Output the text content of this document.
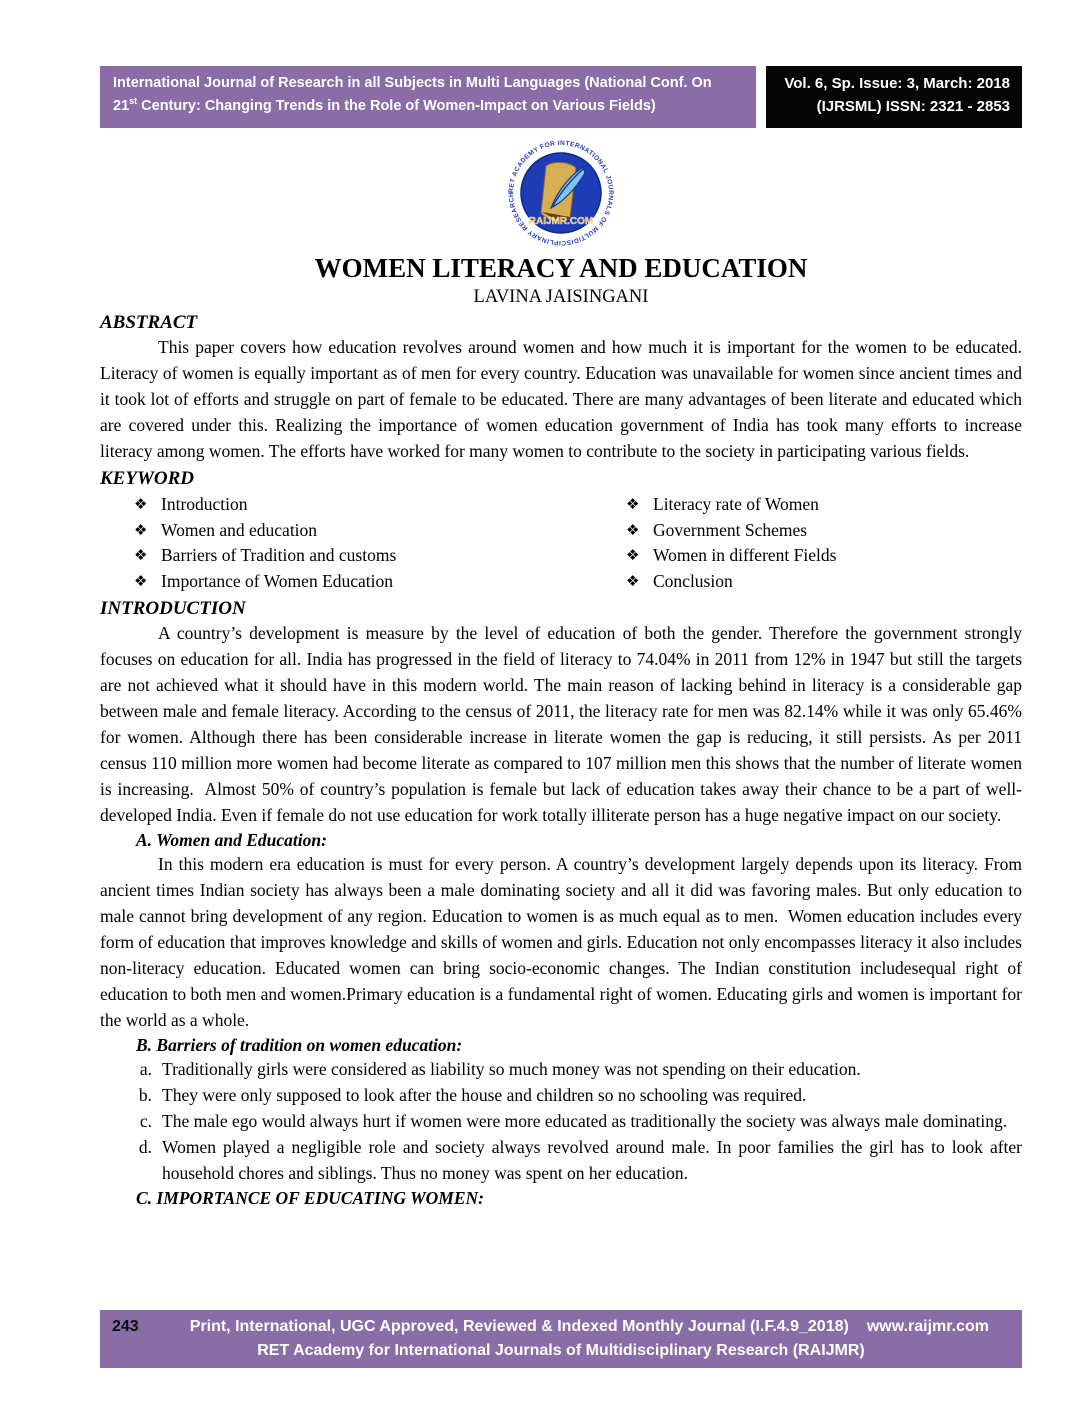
International Journal of Research in all Subjects in Multi Languages (National Conf. On
21st Century: Changing Trends in the Role of Women-Impact on Various Fields)
Vol. 6, Sp. Issue: 3, March: 2018
(IJRSML) ISSN: 2321 - 2853
RET ACADEMY FOR INTERNATIONAL JOURNALS OF MULTIDISCIPLINARY RESEARCH
RAIJMR.COM
WOMEN LITERACY AND EDUCATION
LAVINA JAISINGANI
ABSTRACT

This paper covers how education revolves around women and how much it is important for the women to be educated. Literacy of women is equally important as of men for every country. Education was unavailable for women since ancient times and it took lot of efforts and struggle on part of female to be educated. There are many advantages of been literate and educated which are covered under this. Realizing the importance of women education government of India has took many efforts to increase literacy among women. The efforts have worked for many women to contribute to the society in participating various fields.

KEYWORD
❖ Introduction
❖ Women and education
❖ Barriers of Tradition and customs
❖ Importance of Women Education
❖ Literacy rate of Women
❖ Government Schemes
❖ Women in different Fields
❖ Conclusion
INTRODUCTION

A country’s development is measure by the level of education of both the gender. Therefore the government strongly focuses on education for all. India has progressed in the field of literacy to 74.04% in 2011 from 12% in 1947 but still the targets are not achieved what it should have in this modern world. The main reason of lacking behind in literacy is a considerable gap between male and female literacy. According to the census of 2011, the literacy rate for men was 82.14% while it was only 65.46% for women. Although there has been considerable increase in literate women the gap is reducing, it still persists. As per 2011 census 110 million more women had become literate as compared to 107 million men this shows that the number of literate women is increasing.  Almost 50% of country’s population is female but lack of education takes away their chance to be a part of well-developed India. Even if female do not use education for work totally illiterate person has a huge negative impact on our society.

A. Women and Education:

In this modern era education is must for every person. A country’s development largely depends upon its literacy. From ancient times Indian society has always been a male dominating society and all it did was favoring males. But only education to male cannot bring development of any region. Education to women is as much equal as to men.  Women education includes every form of education that improves knowledge and skills of women and girls. Education not only encompasses literacy it also includes non-literacy education. Educated women can bring socio-economic changes. The Indian constitution includesequal right of education to both men and women.Primary education is a fundamental right of women. Educating girls and women is important for the world as a whole.

B. Barriers of tradition on women education:
a. Traditionally girls were considered as liability so much money was not spending on their education.
b. They were only supposed to look after the house and children so no schooling was required.
c. The male ego would always hurt if women were more educated as traditionally the society was always male dominating.
d. Women played a negligible role and society always revolved around male. In poor families the girl has to look after household chores and siblings. Thus no money was spent on her education.
C. IMPORTANCE OF EDUCATING WOMEN:
243	Print, International, UGC Approved, Reviewed & Indexed Monthly Journal (I.F.4.9_2018) www.raijmr.com
RET Academy for International Journals of Multidisciplinary Research (RAIJMR)
